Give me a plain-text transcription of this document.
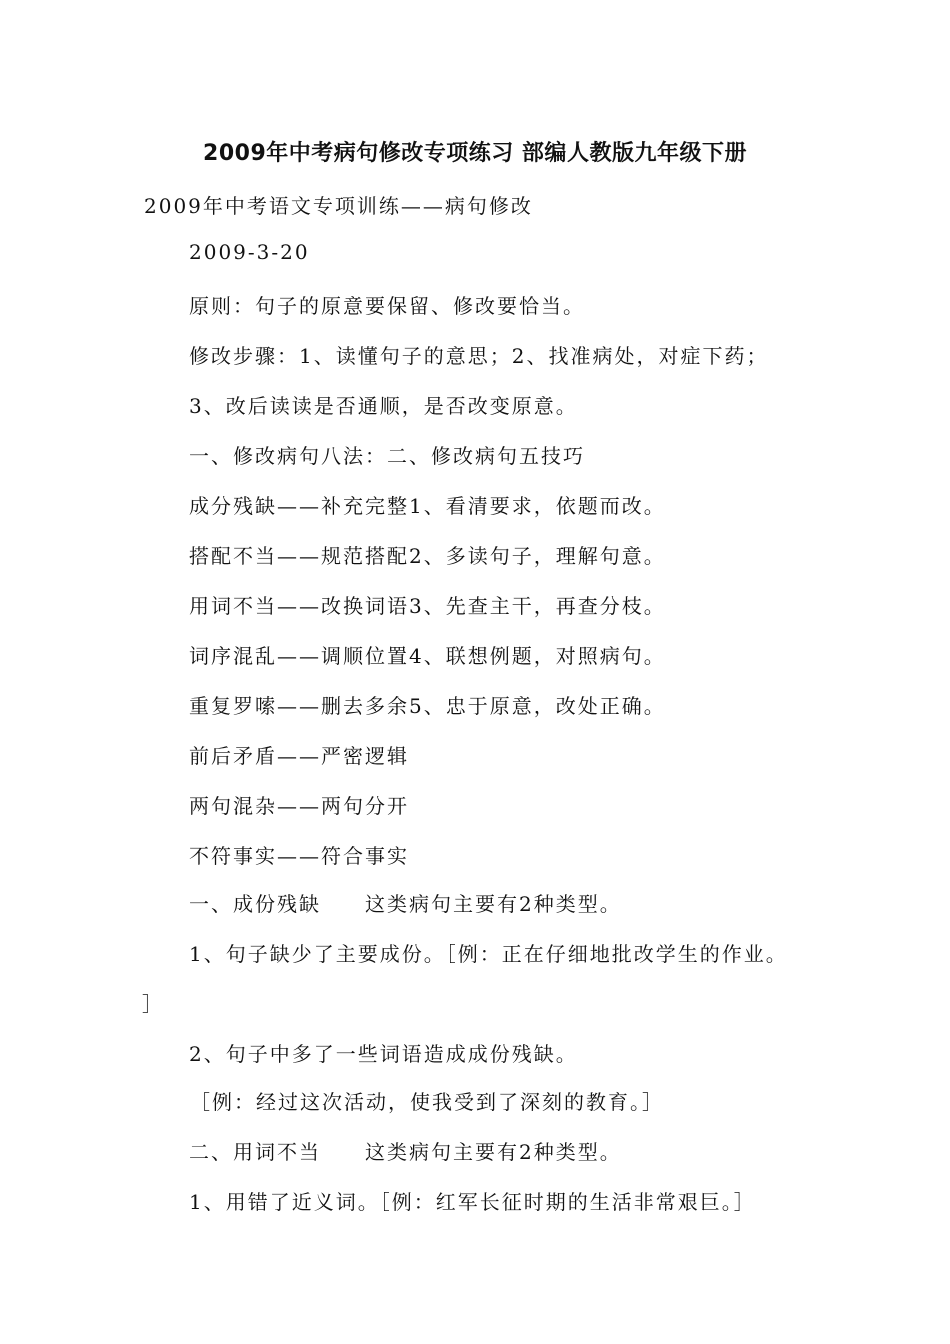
2009年中考病句修改专项练习 部编人教版九年级下册
2009年中考语文专项训练——病句修改
2009-3-20
原则：句子的原意要保留、修改要恰当。
修改步骤：1、读懂句子的意思；2、找准病处，对症下药；
3、改后读读是否通顺，是否改变原意。
一、修改病句八法：二、修改病句五技巧
成分残缺——补充完整1、看清要求，依题而改。
搭配不当——规范搭配2、多读句子，理解句意。
用词不当——改换词语3、先查主干，再查分枝。
词序混乱——调顺位置4、联想例题，对照病句。
重复罗嗦——删去多余5、忠于原意，改处正确。
前后矛盾——严密逻辑
两句混杂——两句分开
不符事实——符合事实
一、成份残缺 这类病句主要有2种类型。
1、句子缺少了主要成份。［例：正在仔细地批改学生的作业。
］
2、句子中多了一些词语造成成份残缺。
［例：经过这次活动，使我受到了深刻的教育。］
二、用词不当 这类病句主要有2种类型。
1、用错了近义词。［例：红军长征时期的生活非常艰巨。］
